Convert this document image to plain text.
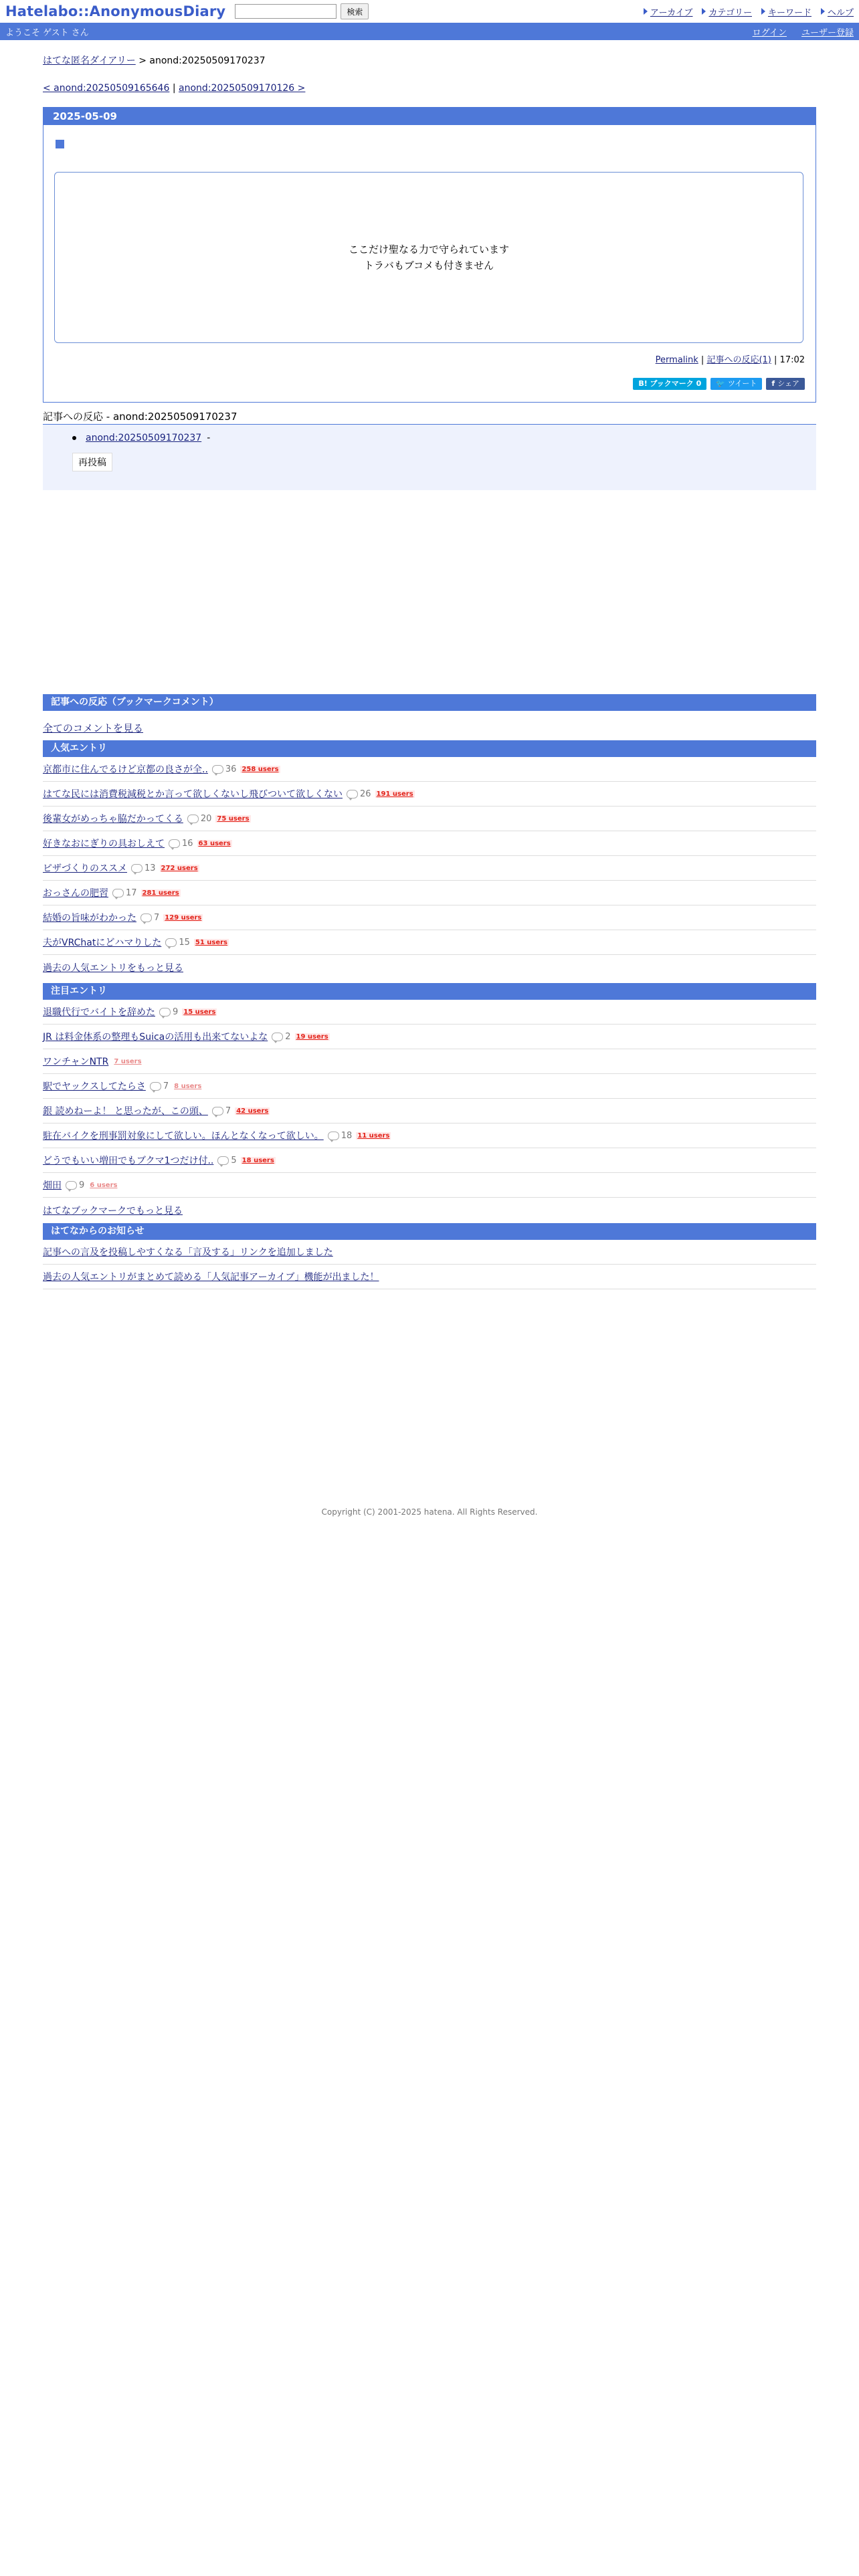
Hatelabo::AnonymousDiary	検索	アーカイブ カテゴリー キーワード ヘルプ
ようこそ ゲスト さん	ログイン ユーザー登録
はてな匿名ダイアリー > anond:20250509170237
< anond:20250509165646 | anond:20250509170126 >
2025-05-09
ここだけ聖なる力で守られています
トラバもブコメも付きません
Permalink | 記事への反応(1) | 17:02
B! ブックマーク 0	🐦 ツイート f シェア
記事への反応 - anond:20250509170237
anond:20250509170237 -
再投稿
記事への反応（ブックマークコメント）
全てのコメントを見る
人気エントリ
京都市に住んでるけど京都の良さが全.. 36 258 users
はてな民には消費税減税とか言って欲しくないし飛びついて欲しくない 26 191 users
後輩女がめっちゃ脇だかってくる 20 75 users
好きなおにぎりの具おしえて 16 63 users
ピザづくりのススメ 13 272 users
おっさんの肥習 17 281 users
結婚の旨味がわかった 7 129 users
夫がVRChatにどハマりした 15 51 users
過去の人気エントリをもっと見る
注目エントリ
退職代行でバイトを辞めた 9 15 users
JR は料金体系の整理もSuicaの活用も出来てないよな 2 19 users
ワンチャンNTR 7 users
駅でヤックスしてたらさ 7 8 users
銀 読めねーよ！ と思ったが、この頭、 7 42 users
駐在バイクを刑事罰対象にして欲しい。ほんとなくなって欲しい。 18 11 users
どうでもいい増田でもブクマ1つだけ付.. 5 18 users
畑田 9 6 users
はてなブックマークでもっと見る
はてなからのお知らせ
記事への言及を投稿しやすくなる「言及する」リンクを追加しました
過去の人気エントリがまとめて読める「人気記事アーカイブ」機能が出ました！
Copyright (C) 2001-2025 hatena. All Rights Reserved.
